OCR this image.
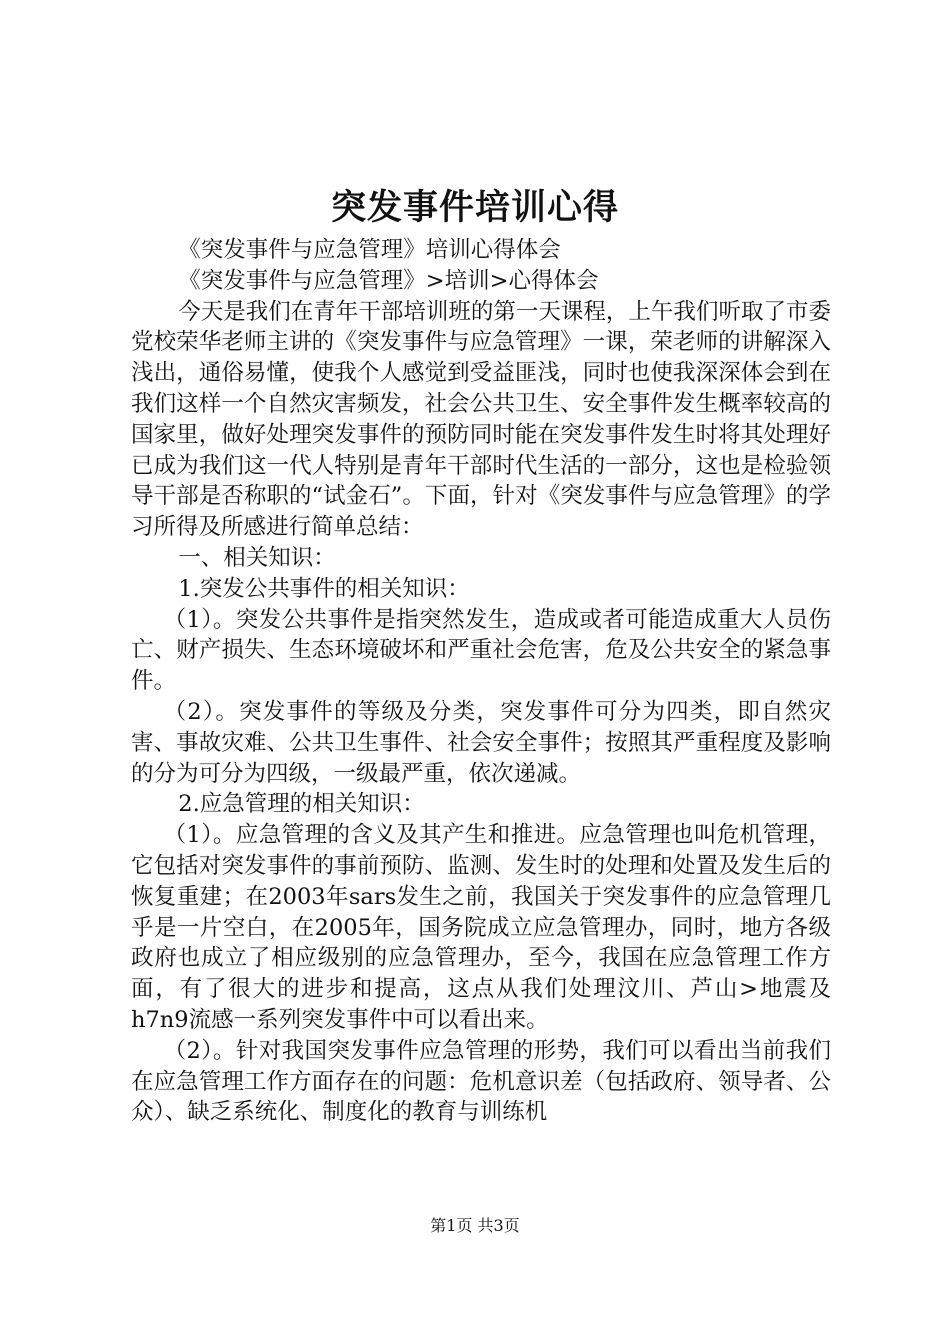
突发事件培训心得

《突发事件与应急管理》培训心得体会

《突发事件与应急管理》>培训>心得体会

今天是我们在青年干部培训班的第一天课程，上午我们听取了市委党校荣华老师主讲的《突发事件与应急管理》一课，荣老师的讲解深入浅出，通俗易懂，使我个人感觉到受益匪浅，同时也使我深深体会到在我们这样一个自然灾害频发，社会公共卫生、安全事件发生概率较高的国家里，做好处理突发事件的预防同时能在突发事件发生时将其处理好已成为我们这一代人特别是青年干部时代生活的一部分，这也是检验领导干部是否称职的“试金石”。下面，针对《突发事件与应急管理》的学习所得及所感进行简单总结：

一、相关知识：

1.突发公共事件的相关知识：

（1）。突发公共事件是指突然发生，造成或者可能造成重大人员伤亡、财产损失、生态环境破坏和严重社会危害，危及公共安全的紧急事件。

（2）。突发事件的等级及分类，突发事件可分为四类，即自然灾害、事故灾难、公共卫生事件、社会安全事件；按照其严重程度及影响的分为可分为四级，一级最严重，依次递减。

2.应急管理的相关知识：

（1）。应急管理的含义及其产生和推进。应急管理也叫危机管理，它包括对突发事件的事前预防、监测、发生时的处理和处置及发生后的恢复重建；在2003年sars发生之前，我国关于突发事件的应急管理几乎是一片空白，在2005年，国务院成立应急管理办，同时，地方各级政府也成立了相应级别的应急管理办，至今，我国在应急管理工作方面，有了很大的进步和提高，这点从我们处理汶川、芦山>地震及h7n9流感一系列突发事件中可以看出来。

（2）。针对我国突发事件应急管理的形势，我们可以看出当前我们在应急管理工作方面存在的问题：危机意识差（包括政府、领导者、公众）、缺乏系统化、制度化的教育与训练机

第1页 共3页
